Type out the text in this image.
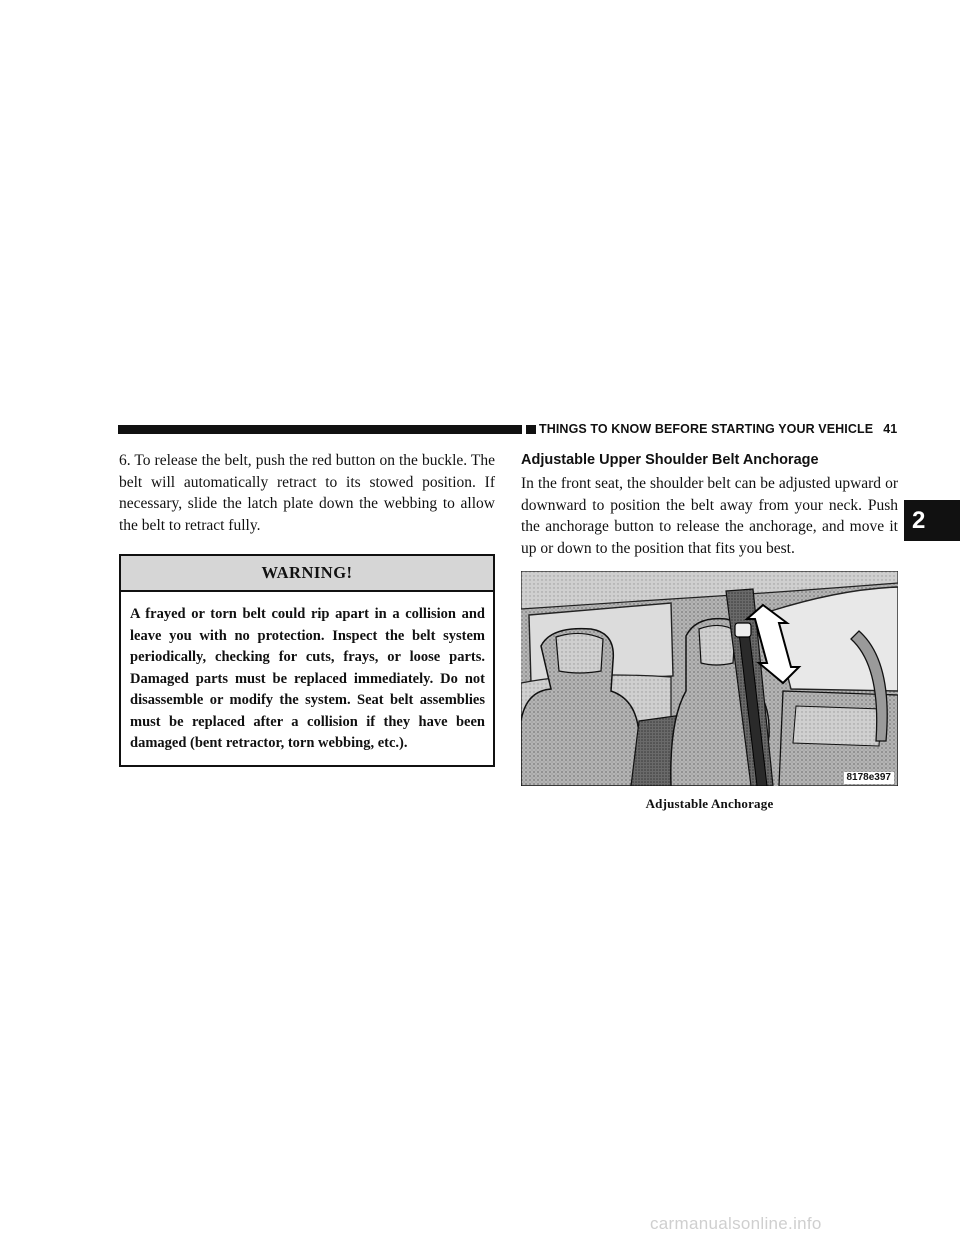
THINGS TO KNOW BEFORE STARTING YOUR VEHICLE 41

6. To release the belt, push the red button on the buckle. The belt will automatically retract to its stowed position. If necessary, slide the latch plate down the webbing to allow the belt to retract fully.

WARNING!
A frayed or torn belt could rip apart in a collision and leave you with no protection. Inspect the belt system periodically, checking for cuts, frays, or loose parts. Damaged parts must be replaced immediately. Do not disassemble or modify the system. Seat belt assemblies must be replaced after a collision if they have been damaged (bent retractor, torn webbing, etc.).
Adjustable Upper Shoulder Belt Anchorage

In the front seat, the shoulder belt can be adjusted upward or downward to position the belt away from your neck. Push the anchorage button to release the anchorage, and move it up or down to the position that fits you best.

8178e397
Adjustable Anchorage
2
carmanualsonline.info
